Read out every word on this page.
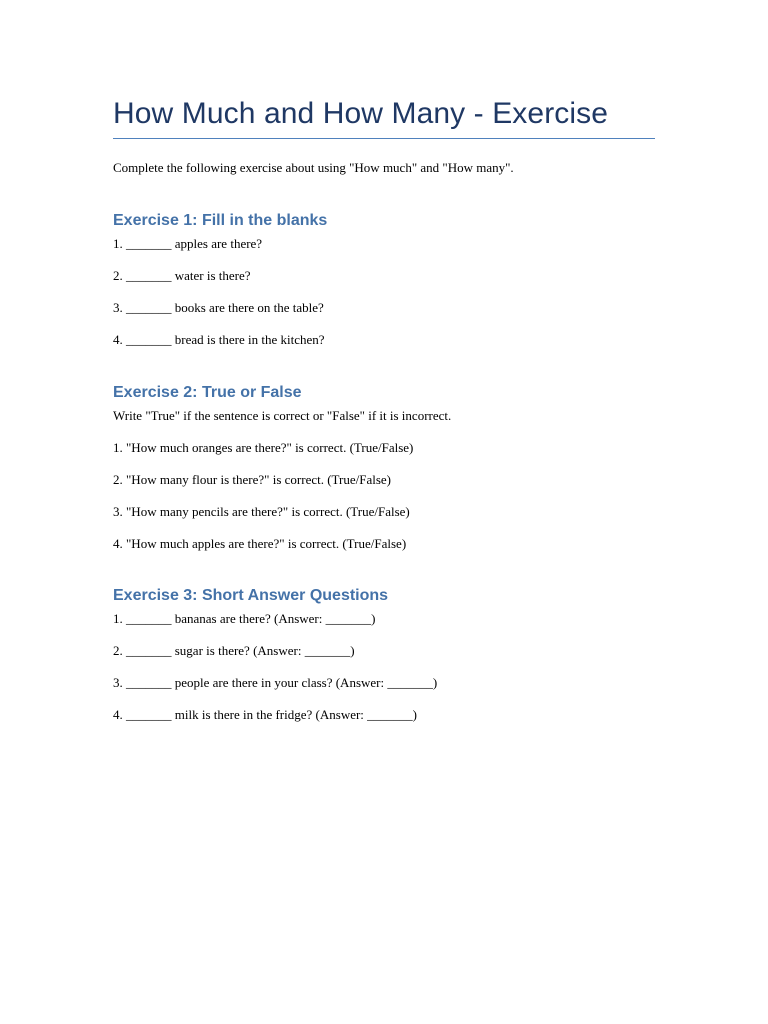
How Much and How Many - Exercise

Complete the following exercise about using "How much" and "How many".

Exercise 1: Fill in the blanks

1. _______ apples are there?

2. _______ water is there?

3. _______ books are there on the table?

4. _______ bread is there in the kitchen?

Exercise 2: True or False

Write "True" if the sentence is correct or "False" if it is incorrect.

1. "How much oranges are there?" is correct. (True/False)

2. "How many flour is there?" is correct. (True/False)

3. "How many pencils are there?" is correct. (True/False)

4. "How much apples are there?" is correct. (True/False)

Exercise 3: Short Answer Questions

1. _______ bananas are there? (Answer: _______)

2. _______ sugar is there? (Answer: _______)

3. _______ people are there in your class? (Answer: _______)

4. _______ milk is there in the fridge? (Answer: _______)
